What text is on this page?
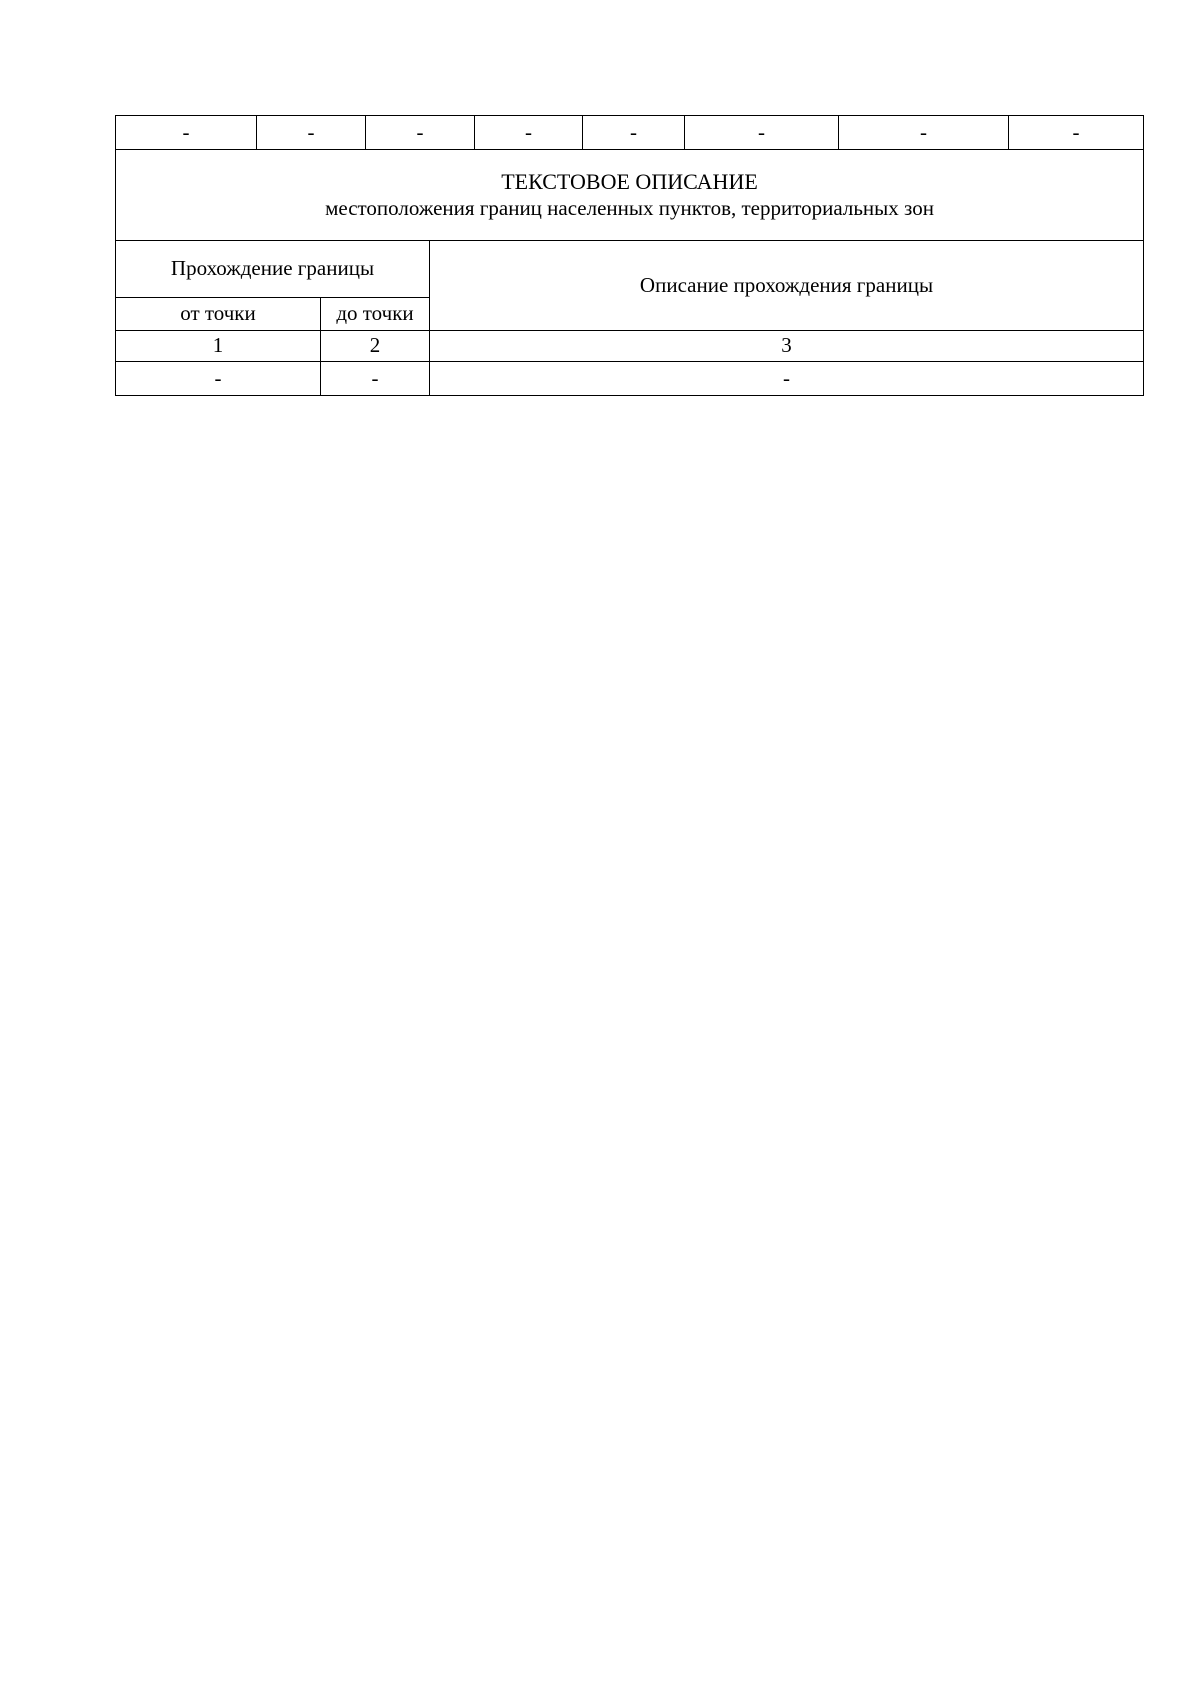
-	-		-		-	-	-	-	-

ТЕКСТОВОЕ ОПИСАНИЕ
местоположения границ населенных пунктов, территориальных зон									

Прохождение границы				Описание прохождения границы					
от точки		до точки							
1		2		3					
-		-		-					
